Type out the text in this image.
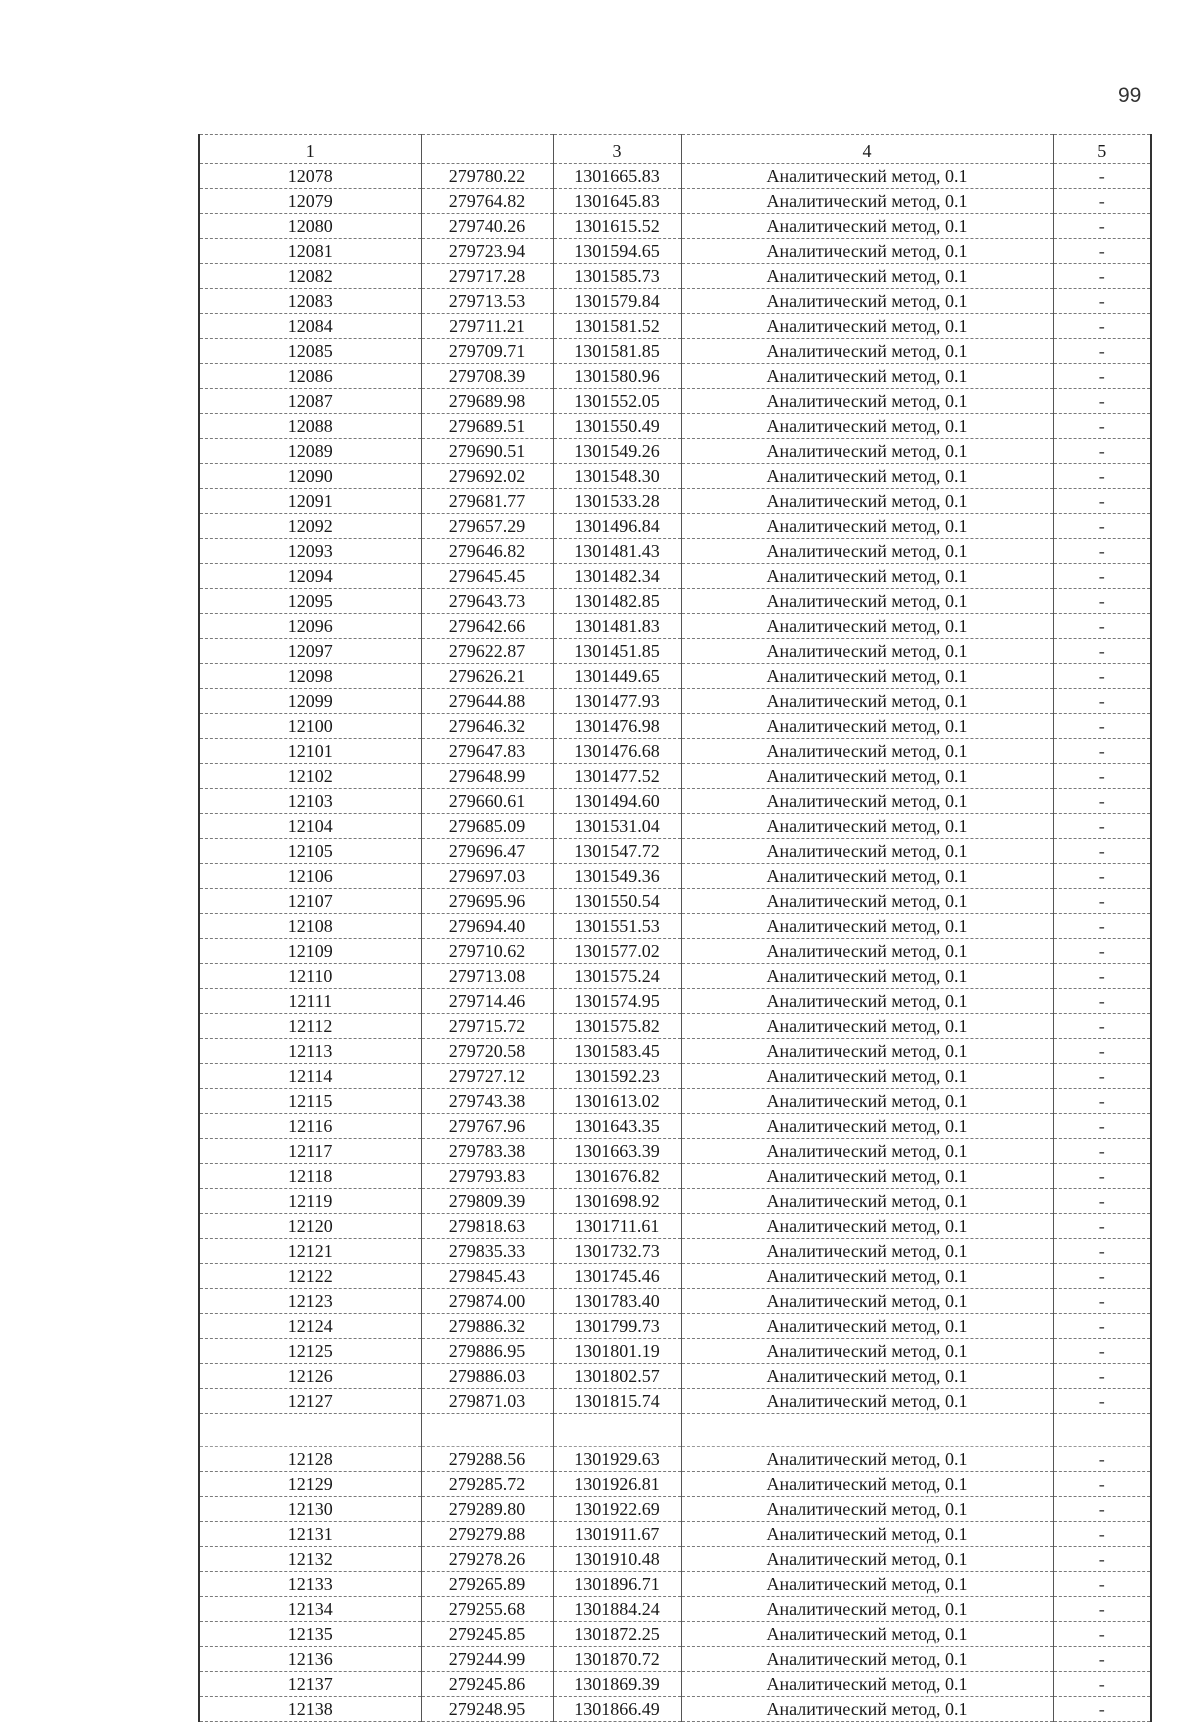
99
1		3	4	5
12078	279780.22	1301665.83	Аналитический метод, 0.1	-
12079	279764.82	1301645.83	Аналитический метод, 0.1	-
12080	279740.26	1301615.52	Аналитический метод, 0.1	-
12081	279723.94	1301594.65	Аналитический метод, 0.1	-
12082	279717.28	1301585.73	Аналитический метод, 0.1	-
12083	279713.53	1301579.84	Аналитический метод, 0.1	-
12084	279711.21	1301581.52	Аналитический метод, 0.1	-
12085	279709.71	1301581.85	Аналитический метод, 0.1	-
12086	279708.39	1301580.96	Аналитический метод, 0.1	-
12087	279689.98	1301552.05	Аналитический метод, 0.1	-
12088	279689.51	1301550.49	Аналитический метод, 0.1	-
12089	279690.51	1301549.26	Аналитический метод, 0.1	-
12090	279692.02	1301548.30	Аналитический метод, 0.1	-
12091	279681.77	1301533.28	Аналитический метод, 0.1	-
12092	279657.29	1301496.84	Аналитический метод, 0.1	-
12093	279646.82	1301481.43	Аналитический метод, 0.1	-
12094	279645.45	1301482.34	Аналитический метод, 0.1	-
12095	279643.73	1301482.85	Аналитический метод, 0.1	-
12096	279642.66	1301481.83	Аналитический метод, 0.1	-
12097	279622.87	1301451.85	Аналитический метод, 0.1	-
12098	279626.21	1301449.65	Аналитический метод, 0.1	-
12099	279644.88	1301477.93	Аналитический метод, 0.1	-
12100	279646.32	1301476.98	Аналитический метод, 0.1	-
12101	279647.83	1301476.68	Аналитический метод, 0.1	-
12102	279648.99	1301477.52	Аналитический метод, 0.1	-
12103	279660.61	1301494.60	Аналитический метод, 0.1	-
12104	279685.09	1301531.04	Аналитический метод, 0.1	-
12105	279696.47	1301547.72	Аналитический метод, 0.1	-
12106	279697.03	1301549.36	Аналитический метод, 0.1	-
12107	279695.96	1301550.54	Аналитический метод, 0.1	-
12108	279694.40	1301551.53	Аналитический метод, 0.1	-
12109	279710.62	1301577.02	Аналитический метод, 0.1	-
12110	279713.08	1301575.24	Аналитический метод, 0.1	-
12111	279714.46	1301574.95	Аналитический метод, 0.1	-
12112	279715.72	1301575.82	Аналитический метод, 0.1	-
12113	279720.58	1301583.45	Аналитический метод, 0.1	-
12114	279727.12	1301592.23	Аналитический метод, 0.1	-
12115	279743.38	1301613.02	Аналитический метод, 0.1	-
12116	279767.96	1301643.35	Аналитический метод, 0.1	-
12117	279783.38	1301663.39	Аналитический метод, 0.1	-
12118	279793.83	1301676.82	Аналитический метод, 0.1	-
12119	279809.39	1301698.92	Аналитический метод, 0.1	-
12120	279818.63	1301711.61	Аналитический метод, 0.1	-
12121	279835.33	1301732.73	Аналитический метод, 0.1	-
12122	279845.43	1301745.46	Аналитический метод, 0.1	-
12123	279874.00	1301783.40	Аналитический метод, 0.1	-
12124	279886.32	1301799.73	Аналитический метод, 0.1	-
12125	279886.95	1301801.19	Аналитический метод, 0.1	-
12126	279886.03	1301802.57	Аналитический метод, 0.1	-
12127	279871.03	1301815.74	Аналитический метод, 0.1	-

12128	279288.56	1301929.63	Аналитический метод, 0.1	-
12129	279285.72	1301926.81	Аналитический метод, 0.1	-
12130	279289.80	1301922.69	Аналитический метод, 0.1	-
12131	279279.88	1301911.67	Аналитический метод, 0.1	-
12132	279278.26	1301910.48	Аналитический метод, 0.1	-
12133	279265.89	1301896.71	Аналитический метод, 0.1	-
12134	279255.68	1301884.24	Аналитический метод, 0.1	-
12135	279245.85	1301872.25	Аналитический метод, 0.1	-
12136	279244.99	1301870.72	Аналитический метод, 0.1	-
12137	279245.86	1301869.39	Аналитический метод, 0.1	-
12138	279248.95	1301866.49	Аналитический метод, 0.1	-
